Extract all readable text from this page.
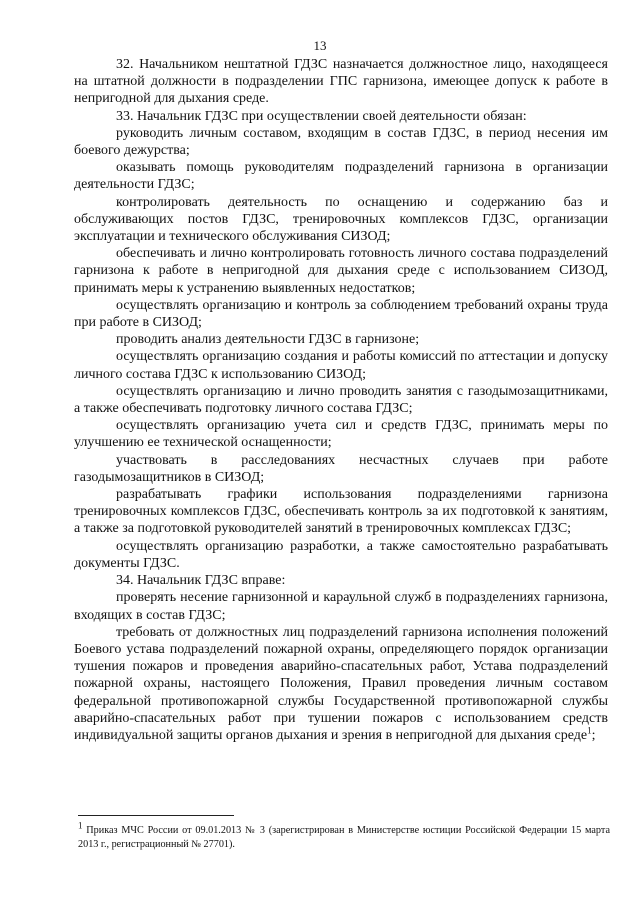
13

32. Начальником нештатной ГДЗС назначается должностное лицо, находящееся на штатной должности в подразделении ГПС гарнизона, имеющее допуск к работе в непригодной для дыхания среде.

33. Начальник ГДЗС при осуществлении своей деятельности обязан:

руководить личным составом, входящим в состав ГДЗС, в период несения им боевого дежурства;

оказывать помощь руководителям подразделений гарнизона в организации деятельности ГДЗС;

контролировать деятельность по оснащению и содержанию баз и обслуживающих постов ГДЗС, тренировочных комплексов ГДЗС, организации эксплуатации и технического обслуживания СИЗОД;

обеспечивать и лично контролировать готовность личного состава подразделений гарнизона к работе в непригодной для дыхания среде с использованием СИЗОД, принимать меры к устранению выявленных недостатков;

осуществлять организацию и контроль за соблюдением требований охраны труда при работе в СИЗОД;

проводить анализ деятельности ГДЗС в гарнизоне;

осуществлять организацию создания и работы комиссий по аттестации и допуску личного состава ГДЗС к использованию СИЗОД;

осуществлять организацию и лично проводить занятия с газодымозащитниками, а также обеспечивать подготовку личного состава ГДЗС;

осуществлять организацию учета сил и средств ГДЗС, принимать меры по улучшению ее технической оснащенности;

участвовать в расследованиях несчастных случаев при работе газодымозащитников в СИЗОД;

разрабатывать графики использования подразделениями гарнизона тренировочных комплексов ГДЗС, обеспечивать контроль за их подготовкой к занятиям, а также за подготовкой руководителей занятий в тренировочных комплексах ГДЗС;

осуществлять организацию разработки, а также самостоятельно разрабатывать документы ГДЗС.

34. Начальник ГДЗС вправе:

проверять несение гарнизонной и караульной служб в подразделениях гарнизона, входящих в состав ГДЗС;

требовать от должностных лиц подразделений гарнизона исполнения положений Боевого устава подразделений пожарной охраны, определяющего порядок организации тушения пожаров и проведения аварийно-спасательных работ, Устава подразделений пожарной охраны, настоящего Положения, Правил проведения личным составом федеральной противопожарной службы Государственной противопожарной службы аварийно-спасательных работ при тушении пожаров с использованием средств индивидуальной защиты органов дыхания и зрения в непригодной для дыхания среде$^1$;

$^1$ Приказ МЧС России от 09.01.2013 № 3 (зарегистрирован в Министерстве юстиции Российской Федерации 15 марта 2013 г., регистрационный № 27701).
